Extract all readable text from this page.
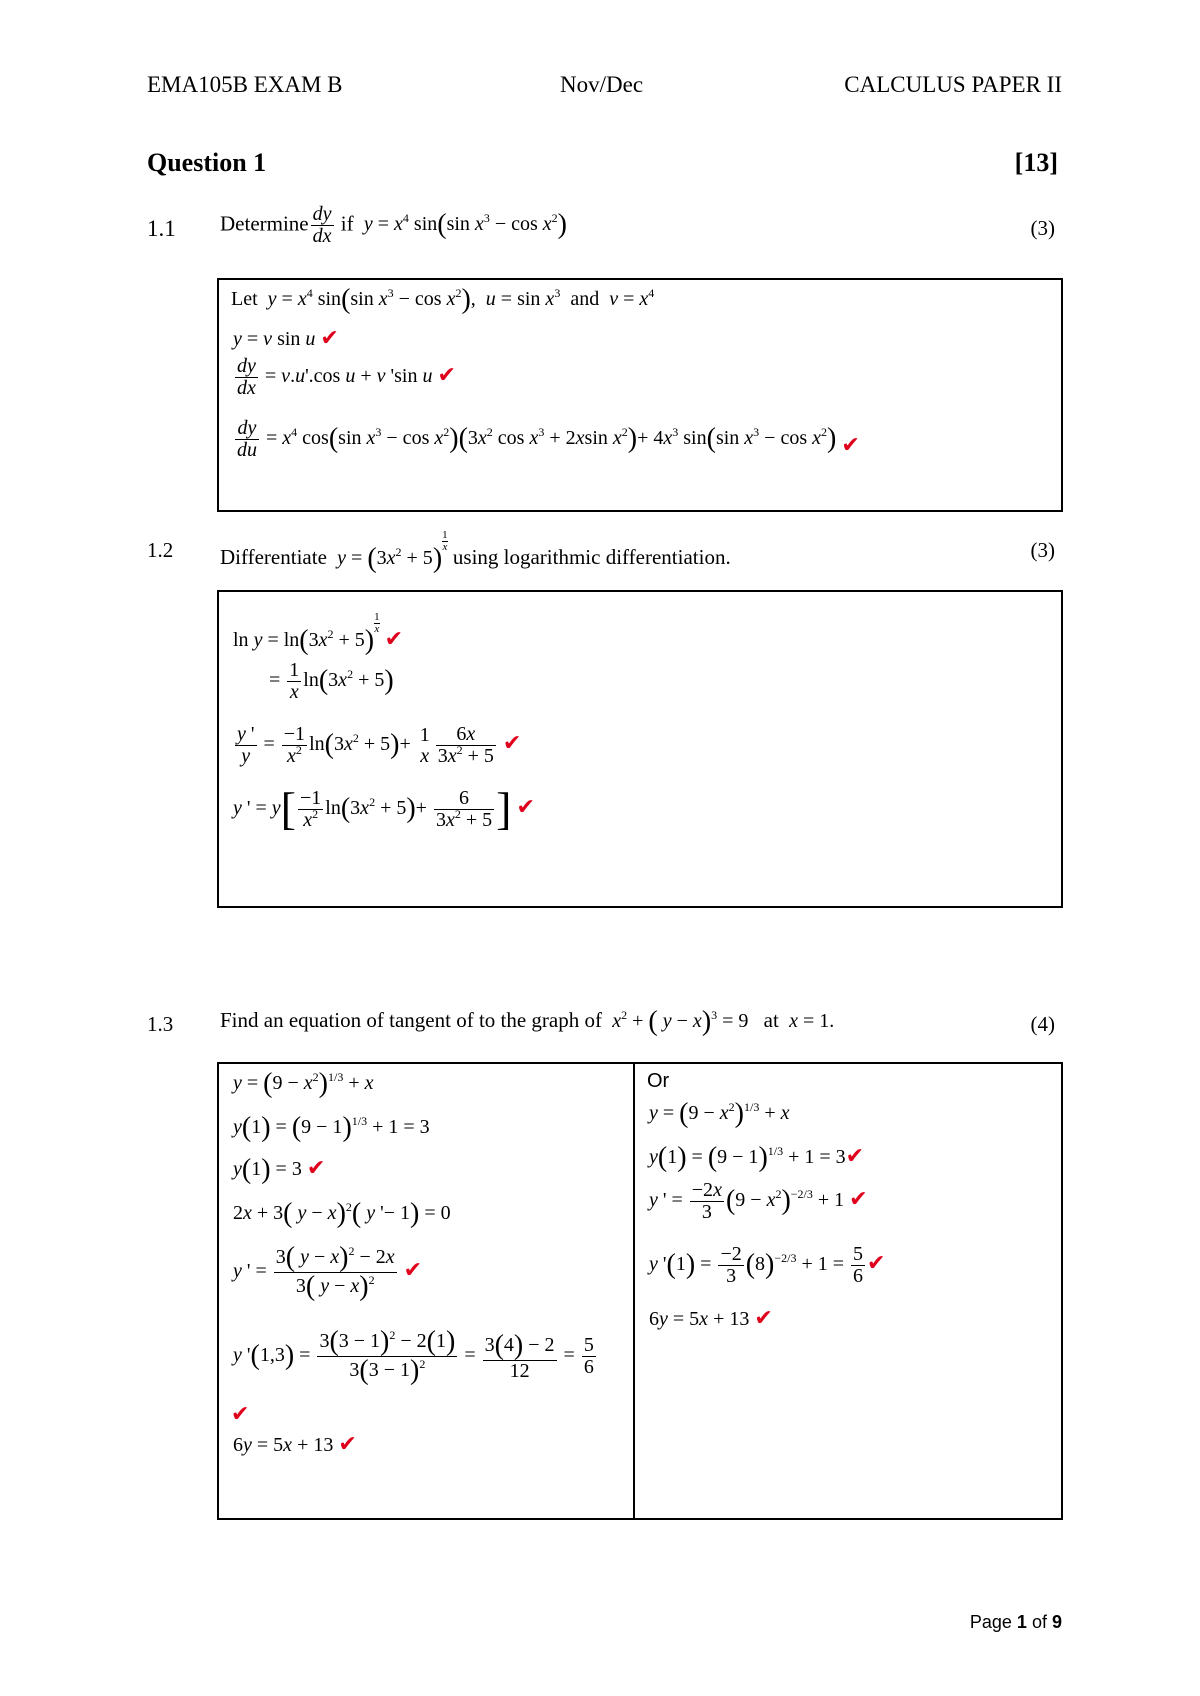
EMA105B EXAM B	Nov/Dec	CALCULUS PAPER II
Question 1	[13]
1.1 Determine $\frac{dy}{dx}$ if $y = x^4$ sin(sin $x^3 - \cos x^2$)	(3)
Let $y = x^4$ sin(sin $x^3 - \cos x^2$),  $u = \sin x^3$ and $v = x^4$
y = v sin u ✔
$\frac{dy}{dx} = v.u'.\cos$ u + v 'sin u ✔
$\frac{dy}{du} = x^4$ cos(sin $x^3 - \cos x^2)(3x^2$ $\cos x^3 + 2xsin$ $x^2)+ 4x^3$ sin(sin $x^3 - \cos x^2$) ✔
1.2 Differentiate $y = (3x^2 + 5)$
$\frac{1}{x}$
using logarithmic differentiation.	(3)
$\ln y = \ln(3x^2 + 5)$
$\frac{1}{x}$
✔
= $\frac{1}{x} \ln(3x^2 + 5)$
$\frac{y '}{y} = \frac{-1}{x^2} \ln(3x^2 + 5)+ 1$
x $\frac{6x}{3x^2 + 5}$ ✔
y ' = $y[ \frac{-1}{x^2} \ln(3x^2 + 5)+ \frac{6}{3x^2 + 5}$ ] ✔
1.3 Find an equation of tangent of to the graph of $x^2$ + ( y − x)$^3$ = 9   at x = 1.	(4)
$y = (9 - x^2)^{1/3} + x$
$y(1) = (9 - 1)^{1/3} + 1 = 3$
y(1) = 3 ✔
2x + 3( y − x)$^2$( y '− 1) = 0
y ' = $\frac{3( y - x)^2 - 2x}{3( y - x)^2}$ ✔
y '$(1,3) = \frac{3(3 - 1)^2 - 2(1)}{3(3 - 1)^2} = \frac{3(4) - 2}{12} = \frac{5}{6}$
✔
6y = 5x + 13 ✔
Or
$y = (9 - x^2)^{1/3} + x$
$y(1) = (9 - 1)^{1/3} + 1$ = 3✔
y ' = $\frac{-2x}{3} (9 - x^2)^{-2/3} + 1$ ✔
y '$(1) = \frac{-2}{3} (8)^{-2/3} + 1 = \frac{5}{6}$ ✔
6y = 5x + 13 ✔
Page 1 of 9
